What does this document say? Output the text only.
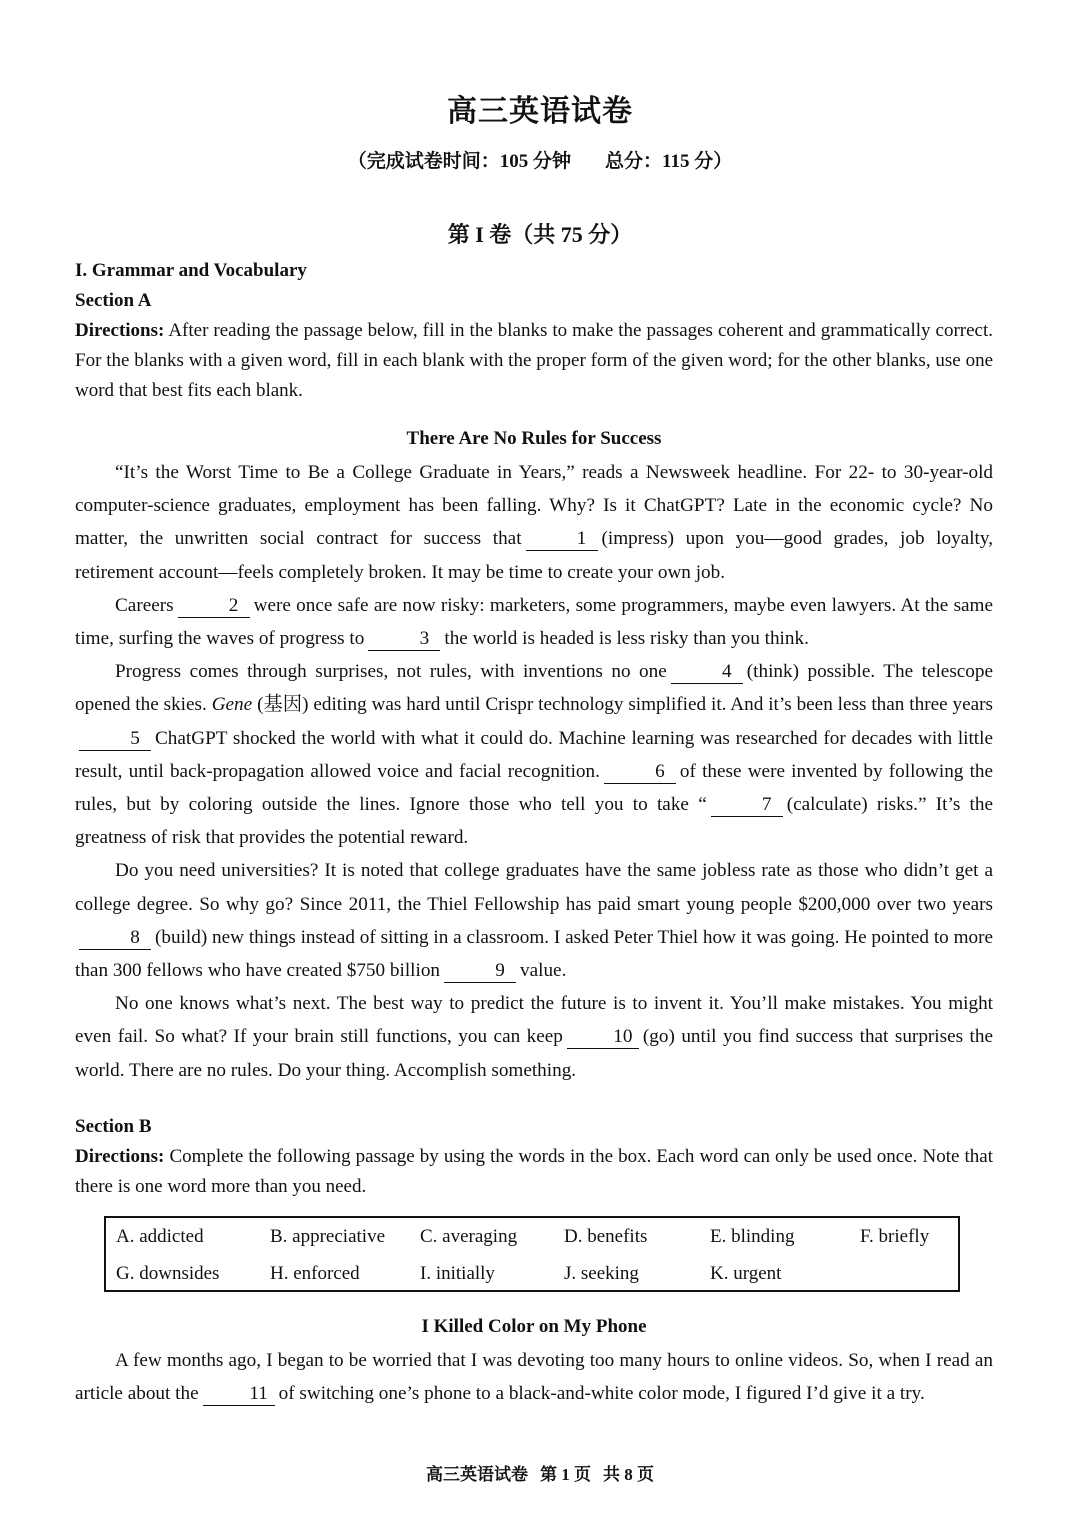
高三英语试卷
（完成试卷时间：105 分钟 总分：115 分）
第 I 卷（共 75 分）
I. Grammar and Vocabulary
Section A
Directions: After reading the passage below, fill in the blanks to make the passages coherent and grammatically correct. For the blanks with a given word, fill in each blank with the proper form of the given word; for the other blanks, use one word that best fits each blank.
There Are No Rules for Success

“It’s the Worst Time to Be a College Graduate in Years,” reads a Newsweek headline. For 22- to 30-year-old computer-science graduates, employment has been falling. Why? Is it ChatGPT? Late in the economic cycle? No matter, the unwritten social contract for success that	1 (impress) upon you—good grades, job loyalty, retirement account—feels completely broken. It may be time to create your own job.

Careers	2 were once safe are now risky: marketers, some programmers, maybe even lawyers. At the same time, surfing the waves of progress to	3 the world is headed is less risky than you think.

Progress comes through surprises, not rules, with inventions no one	4 (think) possible. The telescope opened the skies. Gene (基因) editing was hard until Crispr technology simplified it. And it’s been less than three years5 ChatGPT shocked the world with what it could do. Machine learning was researched for decades with little result, until back-propagation allowed voice and facial recognition.	6 of these were invented by following the rules, but by coloring outside the lines. Ignore those who tell you to take “	7 (calculate) risks.” It’s the greatness of risk that provides the potential reward.

Do you need universities? It is noted that college graduates have the same jobless rate as those who didn’t get a college degree. So why go? Since 2011, the Thiel Fellowship has paid smart young people $200,000 over two years8 (build) new things instead of sitting in a classroom. I asked Peter Thiel how it was going. He pointed to more than 300 fellows who have created $750 billion	9 value.

No one knows what’s next. The best way to predict the future is to invent it. You’ll make mistakes. You might even fail. So what? If your brain still functions, you can keep	10 (go) until you find success that surprises the world. There are no rules. Do your thing. Accomplish something.

Section B
Directions: Complete the following passage by using the words in the box. Each word can only be used once. Note that there is one word more than you need.
A. addicted	B. appreciative C. averaging D. benefits	E. blinding	F. briefly
G. downsides	H. enforced	I. initially	J. seeking	K. urgent
I Killed Color on My Phone

A few months ago, I began to be worried that I was devoting too many hours to online videos. So, when I read an article about the	11 of switching one’s phone to a black-and-white color mode, I figured I’d give it a try.

高三英语试卷 第 1 页 共 8 页
